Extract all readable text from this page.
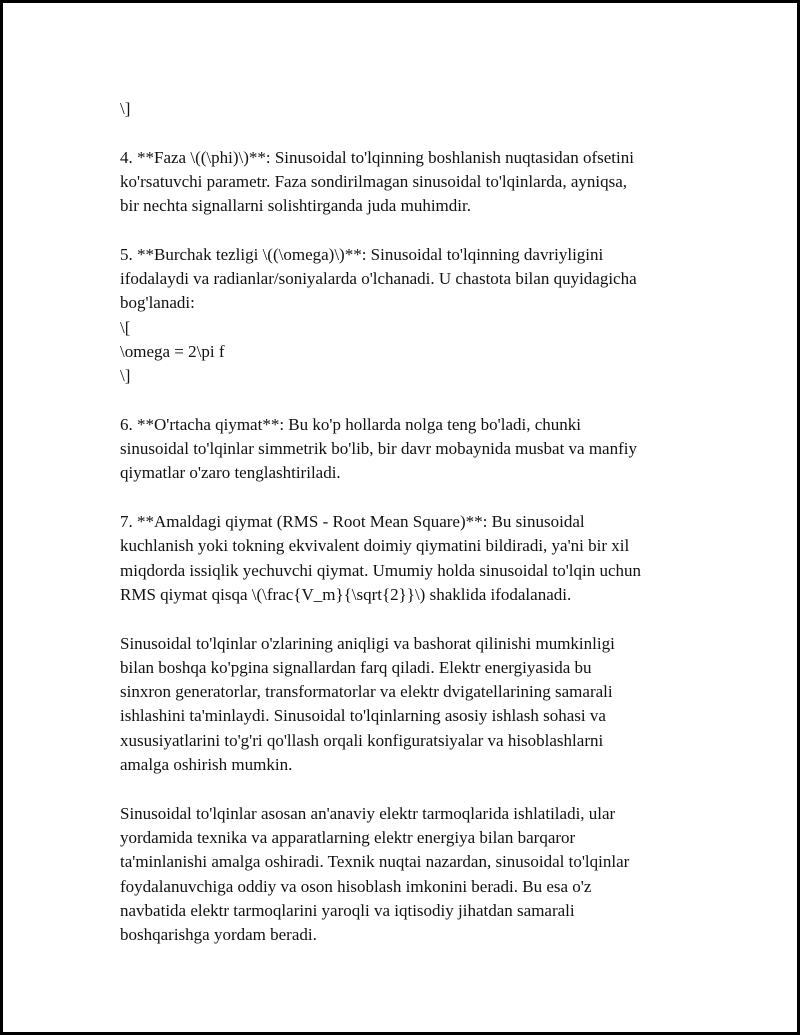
\]

4. **Faza \((\phi)\)**: Sinusoidal to'lqinning boshlanish nuqtasidan ofsetini
ko'rsatuvchi parametr. Faza sondirilmagan sinusoidal to'lqinlarda, ayniqsa,
bir nechta signallarni solishtirganda juda muhimdir.

5. **Burchak tezligi \((\omega)\)**: Sinusoidal to'lqinning davriyligini
ifodalaydi va radianlar/soniyalarda o'lchanadi. U chastota bilan quyidagicha
bog'lanadi:
\[
\omega = 2\pi f
\]

6. **O'rtacha qiymat**: Bu ko'p hollarda nolga teng bo'ladi, chunki
sinusoidal to'lqinlar simmetrik bo'lib, bir davr mobaynida musbat va manfiy
qiymatlar o'zaro tenglashtiriladi.

7. **Amaldagi qiymat (RMS - Root Mean Square)**: Bu sinusoidal
kuchlanish yoki tokning ekvivalent doimiy qiymatini bildiradi, ya'ni bir xil
miqdorda issiqlik yechuvchi qiymat. Umumiy holda sinusoidal to'lqin uchun
RMS qiymat qisqa \(\frac{V_m}{\sqrt{2}}\) shaklida ifodalanadi.

Sinusoidal to'lqinlar o'zlarining aniqligi va bashorat qilinishi mumkinligi
bilan boshqa ko'pgina signallardan farq qiladi. Elektr energiyasida bu
sinxron generatorlar, transformatorlar va elektr dvigatellarining samarali
ishlashini ta'minlaydi. Sinusoidal to'lqinlarning asosiy ishlash sohasi va
xususiyatlarini to'g'ri qo'llash orqali konfiguratsiyalar va hisoblashlarni
amalga oshirish mumkin.

Sinusoidal to'lqinlar asosan an'anaviy elektr tarmoqlarida ishlatiladi, ular
yordamida texnika va apparatlarning elektr energiya bilan barqaror
ta'minlanishi amalga oshiradi. Texnik nuqtai nazardan, sinusoidal to'lqinlar
foydalanuvchiga oddiy va oson hisoblash imkonini beradi. Bu esa o'z
navbatida elektr tarmoqlarini yaroqli va iqtisodiy jihatdan samarali
boshqarishga yordam beradi.
